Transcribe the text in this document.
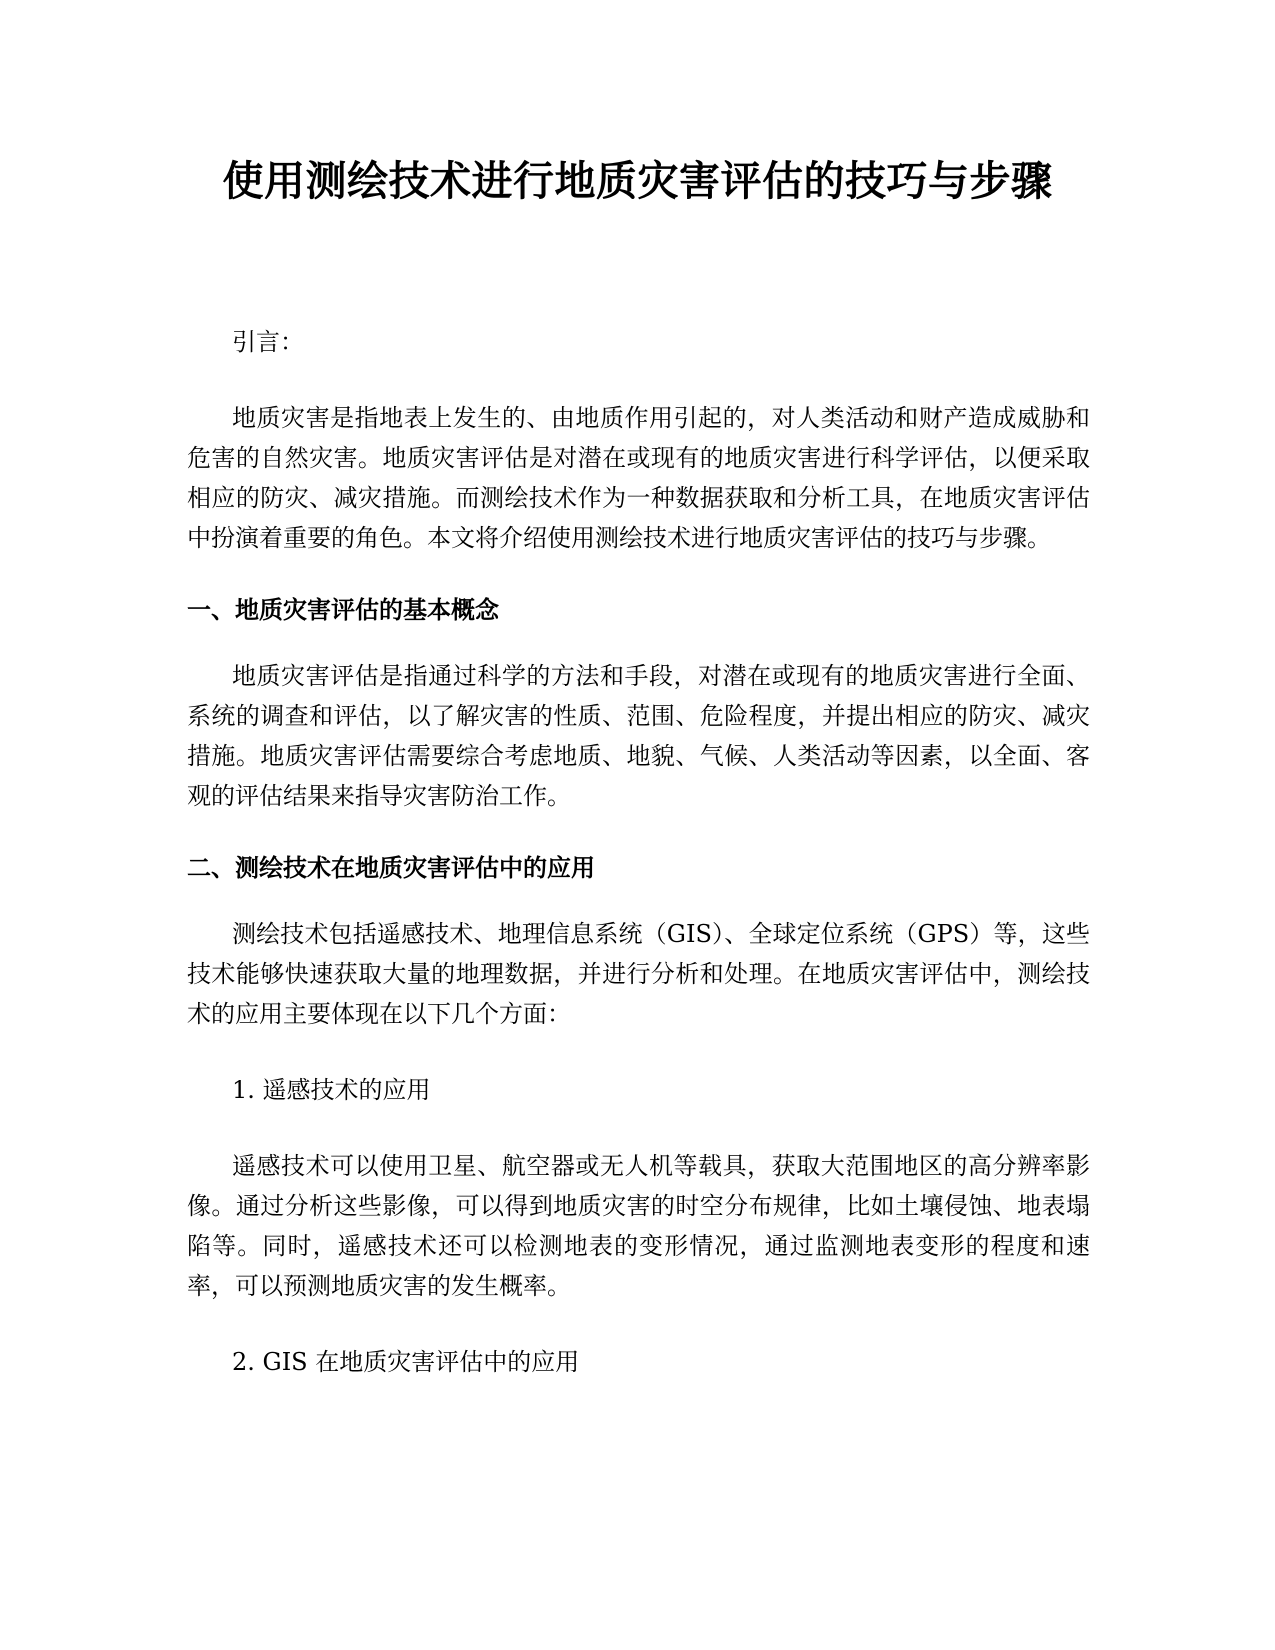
使用测绘技术进行地质灾害评估的技巧与步骤

引言：

地质灾害是指地表上发生的、由地质作用引起的，对人类活动和财产造成威胁和危害的自然灾害。地质灾害评估是对潜在或现有的地质灾害进行科学评估，以便采取相应的防灾、减灾措施。而测绘技术作为一种数据获取和分析工具，在地质灾害评估中扮演着重要的角色。本文将介绍使用测绘技术进行地质灾害评估的技巧与步骤。

一、地质灾害评估的基本概念

地质灾害评估是指通过科学的方法和手段，对潜在或现有的地质灾害进行全面、系统的调查和评估，以了解灾害的性质、范围、危险程度，并提出相应的防灾、减灾措施。地质灾害评估需要综合考虑地质、地貌、气候、人类活动等因素，以全面、客观的评估结果来指导灾害防治工作。

二、测绘技术在地质灾害评估中的应用

测绘技术包括遥感技术、地理信息系统（GIS）、全球定位系统（GPS）等，这些技术能够快速获取大量的地理数据，并进行分析和处理。在地质灾害评估中，测绘技术的应用主要体现在以下几个方面：

1. 遥感技术的应用

遥感技术可以使用卫星、航空器或无人机等载具，获取大范围地区的高分辨率影像。通过分析这些影像，可以得到地质灾害的时空分布规律，比如土壤侵蚀、地表塌陷等。同时，遥感技术还可以检测地表的变形情况，通过监测地表变形的程度和速率，可以预测地质灾害的发生概率。

2. GIS 在地质灾害评估中的应用
